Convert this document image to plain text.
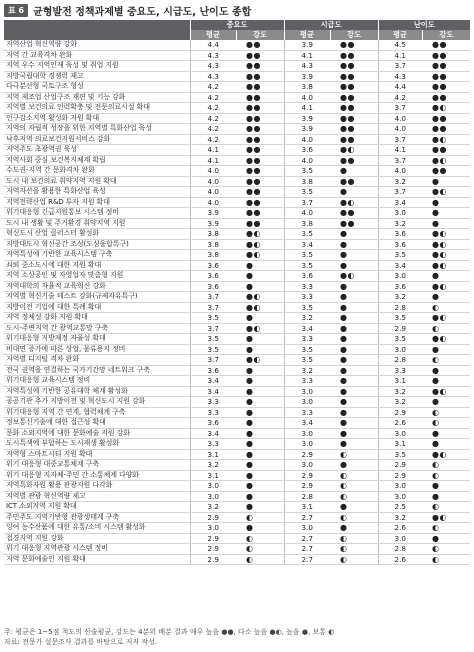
표 6 균형발전 정책과제별 중요도, 시급도, 난이도 종합
	중요도		시급도		난이도	
	평균	강도	평균	강도	평균	강도
지역산업 혁신역량 강화	4.4	●●	3.9	●●	4.5	●●
지역 간 교육격차 완화	4.3	●●	4.1	●●	4.1	●●
지역 우수 지역인재 육성 및 취업 지원	4.3	●●	4.3	●●	3.7	●●
지방국립대학 경쟁력 제고	4.3	●●	3.9	●●	4.3	●●
다극분산형 국토구조 형성	4.2	●●	3.8	●●	4.4	●●
지역 제조업 산업구조 재편 및 기능 강화	4.2	●●	4.0	●●	4.2	●●
지역별 보건의료 인력확충 및 전문의료시설 확대	4.2	●●	4.1	●●	3.7	●◐
인구감소지역 활성화 지원 확대	4.2	●●	3.9	●●	4.0	●●
지역의 자립적 성장을 위한 지역별 특화산업 육성	4.2	●●	3.9	●●	4.0	●●
낙후지역 의료보건지원서비스 강화	4.2	●●	4.0	●●	3.7	●◐
지역주도 초광역권 육성	4.1	●●	3.6	●◐	4.1	●●
지역사회 중심 보건복지체계 확립	4.1	●●	4.0	●●	3.7	●◐
수도권-지역 간 문화격차 완화	4.0	●●	3.5	●	4.0	●●
도시 내 보건의료 취약지역 지원 확대	4.0	●●	3.8	●●	3.2	●
지역자산을 활용한 특화산업 육성	4.0	●●	3.5	●	3.7	●◐
지역전략산업 R&D 투자 지원 확대	4.0	●●	3.7	●◐	3.4	●
위기대응형 긴급지원통보 시스템 정비	3.9	●●	4.0	●●	3.0	●
도시 내 생활 및 주거환경 취약지역 지원	3.9	●●	3.8	●●	3.2	●
혁신도시 산업 클러스터 활성화	3.8	●◐	3.5	●	3.6	●◐
지방대도시 혁신공간 조성(도심융합특구)	3.8	●◐	3.4	●	3.6	●◐
지역특성에 기반한 교육시스템 구축	3.8	●◐	3.5	●	3.5	●◐
쇠퇴 중소도시에 대한 지원 확대	3.6	●	3.5	●	3.4	●◐
지역 소상공인 및 자영업자 맞춤형 지원	3.6	●	3.6	●◐	3.0	●
지역대학의 자율적 교육혁신 강화	3.6	●	3.3	●	3.6	●◐
지역별 혁신기술 테스트 강화(규제자유특구)	3.7	●◐	3.3	●	3.2	●
지방이전 기업에 대한 특례 확대	3.7	●◐	3.5	●	2.8	◐
지역 정체성 강화 지원 확대	3.5	●	3.2	●	3.5	●◐
도시-주변지역 간 광역교통망 구축	3.7	●◐	3.4	●	2.9	◐
위기대응형 지방재정 자율성 확대	3.5	●	3.3	●	3.5	●◐
비대면 증가에 따른 상업, 물류용지 정비	3.5	●	3.5	●	3.0	●
지역별 디지털 격차 완화	3.7	●◐	3.5	●	2.8	◐
전국 권역을 연결하는 국가기간망 네트워크 구축	3.6	●	3.2	●	3.3	●
위기대응형 교육시스템 정비	3.4	●	3.3	●	3.1	●
지역특성에 기반한 공유대학 체계 활성화	3.4	●	3.0	●	3.2	●◐
공공기관 추가 지방이전 및 혁신도시 지원 강화	3.3	●	3.0	●	3.2	●
위기대응형 지역 간 연계, 협력체계 구축	3.3	●	3.3	●	2.9	◐
정보통신기술에 대한 접근성 확대	3.6	●	3.4	●	2.6	◐
문화 소외지역에 대한 문화예술 지원 강화	3.4	●	3.0	●	3.0	●
도시특색에 부합하는 도시재생 활성화	3.3	●	3.0	●	3.1	●
지역형 스마트시티 지원 확대	3.1	●	2.9	◐	3.5	●◐
위기 대응형 대중교통체계 구축	3.2	●	3.0	●	2.9	◐
위기 대응형 지자체-주민 간 소통체계 다양화	3.1	●	2.9	◐	2.9	◐
지역특화자원 활용 관광지원 다각화	3.0	●	2.9	◐	3.0	●
지역별 관광 혁신역량 제고	3.0	●	2.8	◐	3.0	●
ICT 소외지역 지원 확대	3.2	●	3.1	●	2.5	◐
주민주도 지역기반형 관광생태계 구축	2.9	◐	2.7	◐	3.2	●◐
잉여 농수산품에 대한 유통/소비 시스템 활성화	3.0	●	3.0	●	2.6	◐
접경지역 지원 강화	2.9	◐	2.7	◐	3.0	●
위기 대응형 지역관광 시스템 정비	2.9	◐	2.7	◐	2.8	◐
지역 문화예술인 지원 확대	2.9	◐	2.7	◐	2.6	◐
주: 평균은 1~5점 척도의 산술평균, 강도는 4분위 배분 결과 매우 높음 ●●, 다소 높음 ●◐, 높음 ●, 보통 ◐
자료: 전문가 설문조사 결과를 바탕으로 저자 작성.
